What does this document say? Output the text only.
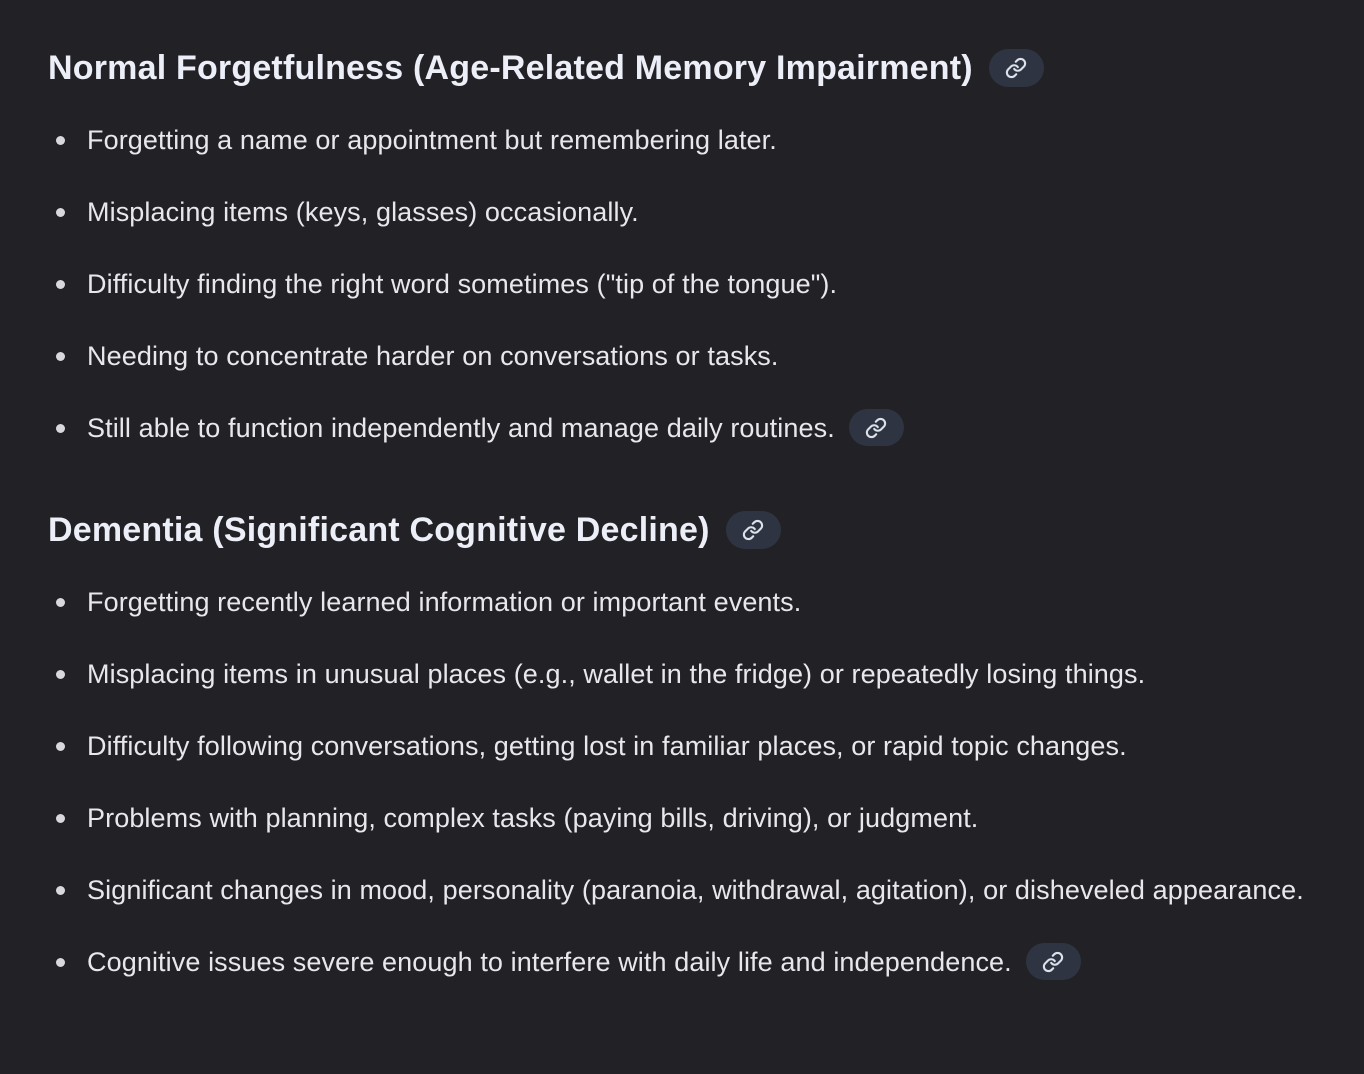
Normal Forgetfulness (Age-Related Memory Impairment)
Forgetting a name or appointment but remembering later.
Misplacing items (keys, glasses) occasionally.
Difficulty finding the right word sometimes ("tip of the tongue").
Needing to concentrate harder on conversations or tasks.
Still able to function independently and manage daily routines.
Dementia (Significant Cognitive Decline)
Forgetting recently learned information or important events.
Misplacing items in unusual places (e.g., wallet in the fridge) or repeatedly losing things.
Difficulty following conversations, getting lost in familiar places, or rapid topic changes.
Problems with planning, complex tasks (paying bills, driving), or judgment.
Significant changes in mood, personality (paranoia, withdrawal, agitation), or disheveled appearance.
Cognitive issues severe enough to interfere with daily life and independence.
